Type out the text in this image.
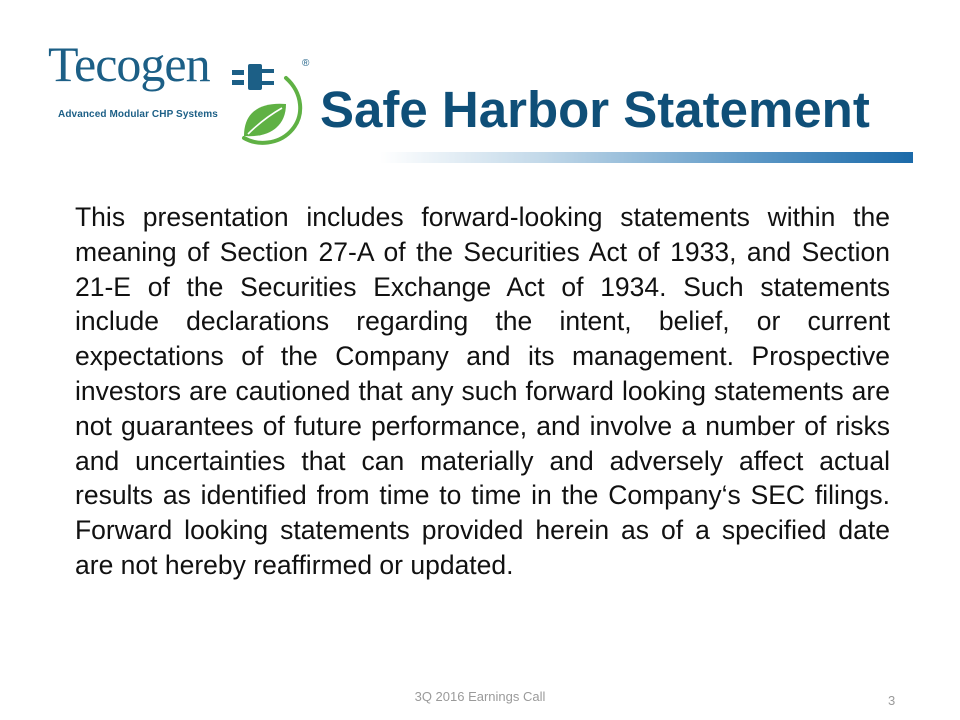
Tecogen	®
Advanced Modular CHP Systems Safe Harbor Statement

This presentation includes forward-looking statements within the meaning of Section 27-A of the Securities Act of 1933, and Section 21-E of the Securities Exchange Act of 1934. Such statements include declarations regarding the intent, belief, or current expectations of the Company and its management. Prospective investors are cautioned that any such forward looking statements are not guarantees of future performance, and involve a number of risks and uncertainties that can materially and adversely affect actual results as identified from time to time in the Company‘s SEC filings. Forward looking statements provided herein as of a specified date are not hereby reaffirmed or updated.

3Q 2016 Earnings Call	3
